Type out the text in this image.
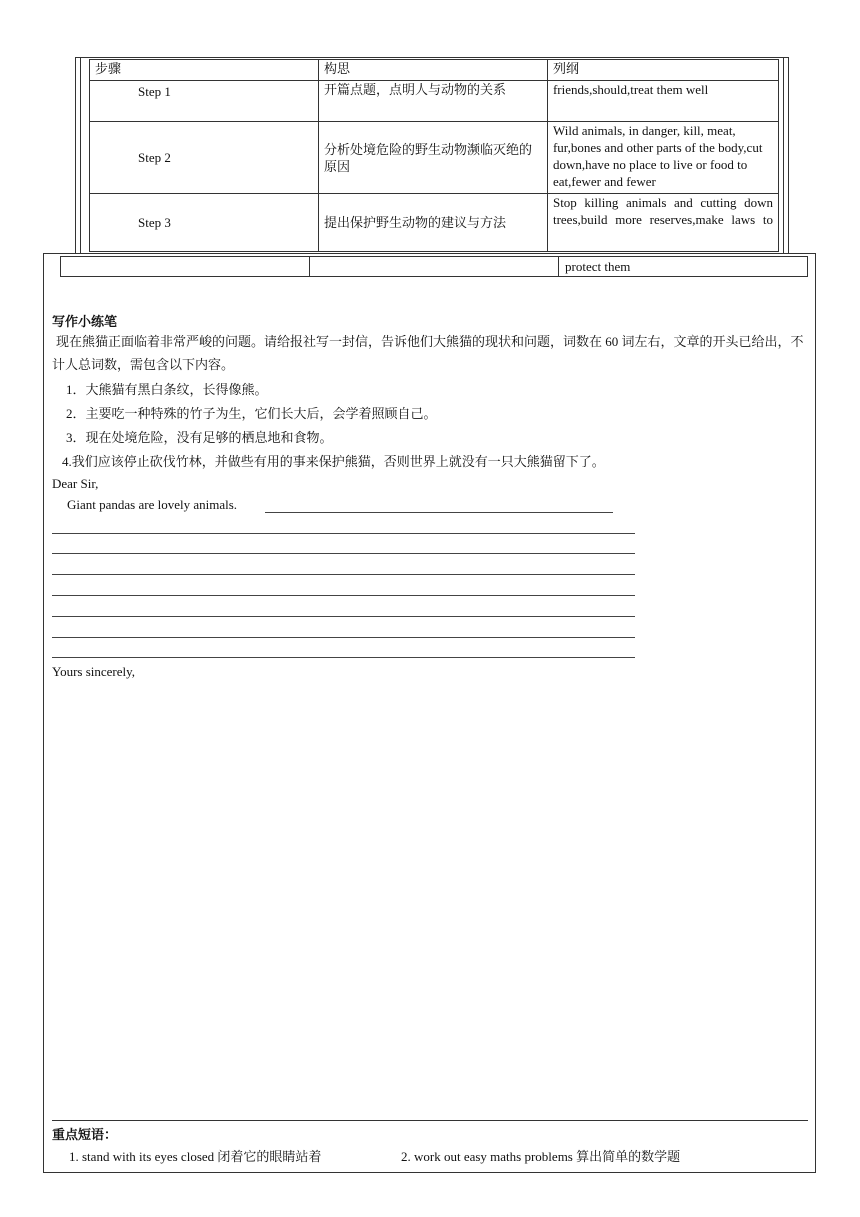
步骤	构思	列纲
Step 1	开篇点题，点明人与动物的关系	friends,should,treat them well
Step 2	分析处境危险的野生动物濒临灭绝的原因	Wild animals, in danger, kill, meat, fur,bones and other parts of the body,cut down,have no place to live or food to eat,fewer and fewer
Step 3	提出保护野生动物的建议与方法	Stop killing animals and cutting down trees,build more reserves,make laws to
		protect them
写作小练笔
现在熊猫正面临着非常严峻的问题。请给报社写一封信，告诉他们大熊猫的现状和问题，词数在 60 词左右，文章的开头已给出，不计人总词数，需包含以下内容。
1．大熊猫有黑白条纹，长得像熊。
2．主要吃一种特殊的竹子为生，它们长大后，会学着照顾自己。
3．现在处境危险，没有足够的栖息地和食物。
4.我们应该停止砍伐竹林，并做些有用的事来保护熊猫，否则世界上就没有一只大熊猫留下了。
Dear Sir,
Giant pandas are lovely animals.
Yours sincerely,
重点短语：
1. stand with its eyes closed 闭着它的眼睛站着	2. work out easy maths problems 算出简单的数学题
